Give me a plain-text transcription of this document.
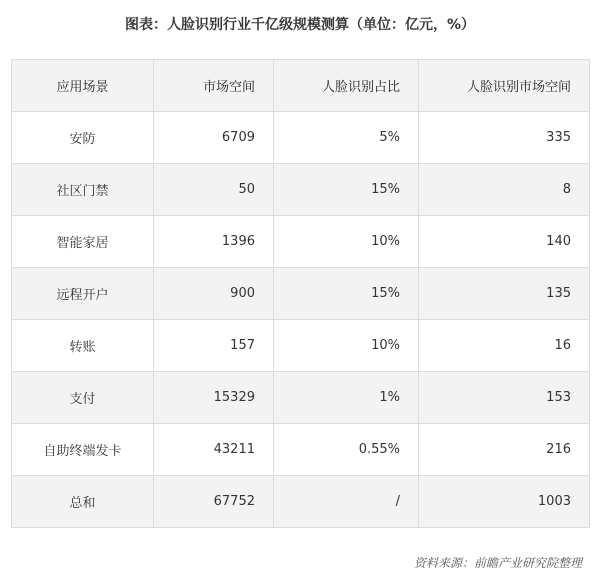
图表：人脸识别行业千亿级规模测算（单位：亿元，%）
应用场景	市场空间	人脸识别占比	人脸识别市场空间
安防	6709	5%	335
社区门禁	50	15%	8
智能家居	1396	10%	140
远程开户	900	15%	135
转账	157	10%	16
支付	15329	1%	153
自助终端发卡	43211	0.55%	216
总和	67752	/	1003
资料来源：前瞻产业研究院整理
